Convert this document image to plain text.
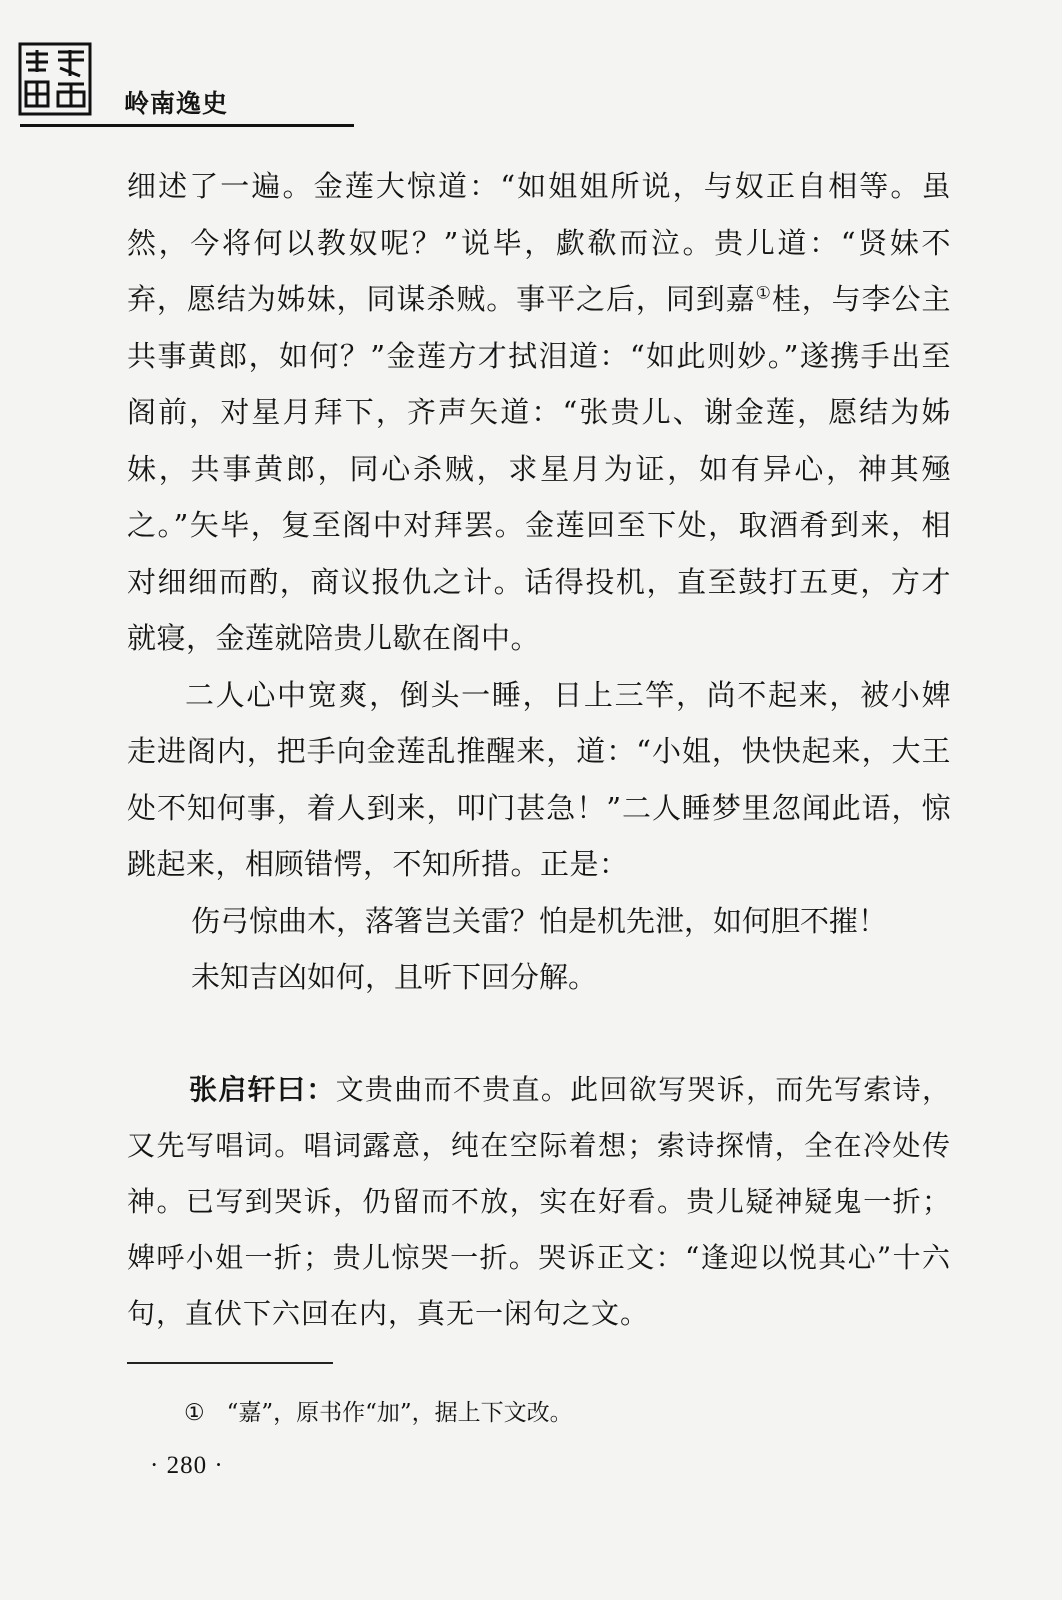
岭南逸史

细述了一遍。金莲大惊道：“如姐姐所说，与奴正自相等。虽然，今将何以教奴呢？”说毕，歔欷而泣。贵儿道：“贤妹不弃，愿结为姊妹，同谋杀贼。事平之后，同到嘉①桂，与李公主共事黄郎，如何？”金莲方才拭泪道：“如此则妙。”遂携手出至阁前，对星月拜下，齐声矢道：“张贵儿、谢金莲，愿结为姊妹，共事黄郎，同心杀贼，求星月为证，如有异心，神其殛之。”矢毕，复至阁中对拜罢。金莲回至下处，取酒肴到来，相对细细而酌，商议报仇之计。话得投机，直至鼓打五更，方才就寝，金莲就陪贵儿歇在阁中。

二人心中宽爽，倒头一睡，日上三竿，尚不起来，被小婢走进阁内，把手向金莲乱推醒来，道：“小姐，快快起来，大王处不知何事，着人到来，叩门甚急！”二人睡梦里忽闻此语，惊跳起来，相顾错愕，不知所措。正是：

伤弓惊曲木，落箸岂关雷？怕是机先泄，如何胆不摧！

未知吉凶如何，且听下回分解。

张启轩曰：文贵曲而不贵直。此回欲写哭诉，而先写索诗，又先写唱词。唱词露意，纯在空际着想；索诗探情，全在冷处传神。已写到哭诉，仍留而不放，实在好看。贵儿疑神疑鬼一折；婢呼小姐一折；贵儿惊哭一折。哭诉正文：“逢迎以悦其心”十六句，直伏下六回在内，真无一闲句之文。

① “嘉”，原书作“加”，据上下文改。
· 280 ·
